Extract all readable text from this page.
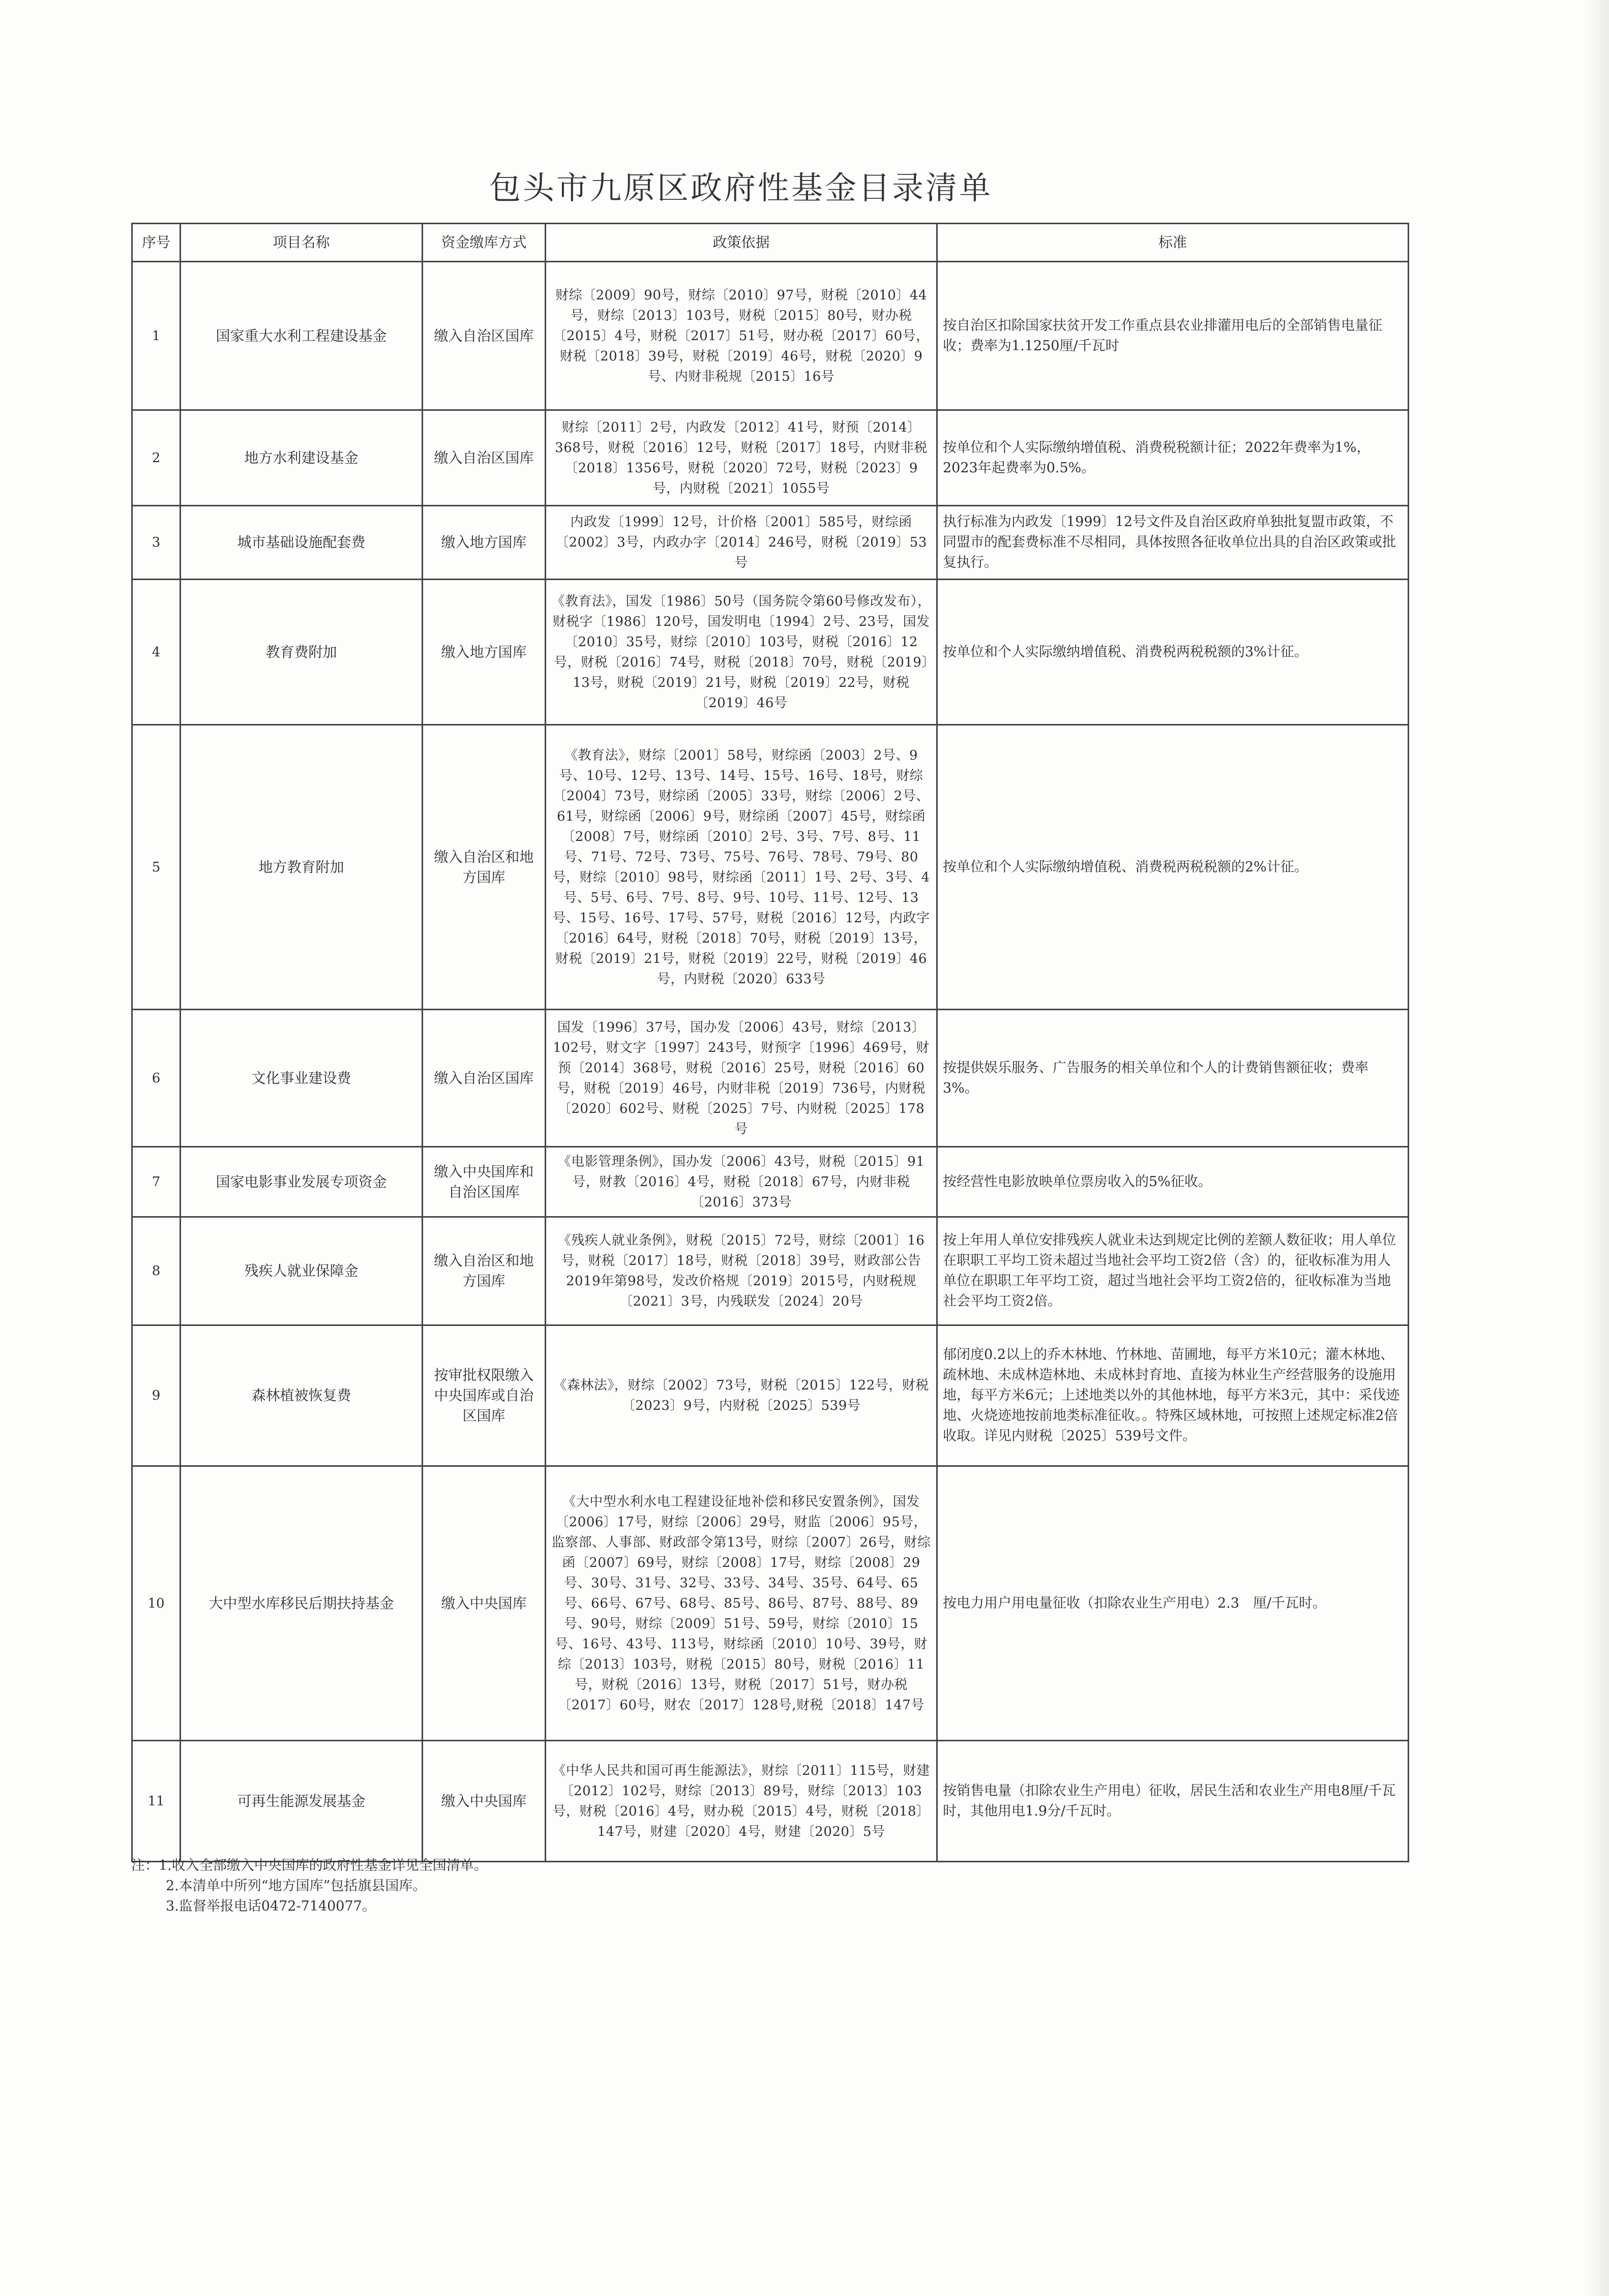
包头市九原区政府性基金目录清单
序号	项目名称	资金缴库方式	政策依据	标准
1	国家重大水利工程建设基金	缴入自治区国库	财综〔2009〕90号，财综〔2010〕97号，财税〔2010〕44号，财综〔2013〕103号，财税〔2015〕80号，财办税〔2015〕4号，财税〔2017〕51号，财办税〔2017〕60号，财税〔2018〕39号，财税〔2019〕46号，财税〔2020〕9号、内财非税规〔2015〕16号	按自治区扣除国家扶贫开发工作重点县农业排灌用电后的全部销售电量征收；费率为1.1250厘/千瓦时
2	地方水利建设基金	缴入自治区国库	财综〔2011〕2号，内政发〔2012〕41号，财预〔2014〕368号，财税〔2016〕12号，财税〔2017〕18号，内财非税〔2018〕1356号，财税〔2020〕72号，财税〔2023〕9号，内财税〔2021〕1055号	按单位和个人实际缴纳增值税、消费税税额计征；2022年费率为1%，2023年起费率为0.5%。
3	城市基础设施配套费	缴入地方国库	内政发〔1999〕12号，计价格〔2001〕585号，财综函〔2002〕3号，内政办字〔2014〕246号，财税〔2019〕53号	执行标准为内政发〔1999〕12号文件及自治区政府单独批复盟市政策，不同盟市的配套费标准不尽相同，具体按照各征收单位出具的自治区政策或批复执行。
4	教育费附加	缴入地方国库	《教育法》，国发〔1986〕50号（国务院令第60号修改发布），财税字〔1986〕120号，国发明电〔1994〕2号、23号，国发〔2010〕35号，财综〔2010〕103号，财税〔2016〕12号，财税〔2016〕74号，财税〔2018〕70号，财税〔2019〕13号，财税〔2019〕21号，财税〔2019〕22号，财税〔2019〕46号	按单位和个人实际缴纳增值税、消费税两税税额的3%计征。
5	地方教育附加	缴入自治区和地方国库	《教育法》，财综〔2001〕58号，财综函〔2003〕2号、9号、10号、12号、13号、14号、15号、16号、18号，财综〔2004〕73号，财综函〔2005〕33号，财综〔2006〕2号、61号，财综函〔2006〕9号，财综函〔2007〕45号，财综函〔2008〕7号，财综函〔2010〕2号、3号、7号、8号、11号、71号、72号、73号、75号、76号、78号、79号、80号，财综〔2010〕98号，财综函〔2011〕1号、2号、3号、4号、5号、6号、7号、8号、9号、10号、11号、12号、13号、15号、16号、17号、57号，财税〔2016〕12号，内政字〔2016〕64号，财税〔2018〕70号，财税〔2019〕13号，财税〔2019〕21号，财税〔2019〕22号，财税〔2019〕46号，内财税〔2020〕633号	按单位和个人实际缴纳增值税、消费税两税税额的2%计征。
6	文化事业建设费	缴入自治区国库	国发〔1996〕37号，国办发〔2006〕43号，财综〔2013〕102号，财文字〔1997〕243号，财预字〔1996〕469号，财预〔2014〕368号，财税〔2016〕25号，财税〔2016〕60号，财税〔2019〕46号，内财非税〔2019〕736号，内财税〔2020〕602号、财税〔2025〕7号、内财税〔2025〕178号	按提供娱乐服务、广告服务的相关单位和个人的计费销售额征收；费率3%。
7	国家电影事业发展专项资金	缴入中央国库和自治区国库	《电影管理条例》，国办发〔2006〕43号，财税〔2015〕91号，财教〔2016〕4号，财税〔2018〕67号，内财非税〔2016〕373号	按经营性电影放映单位票房收入的5%征收。
8	残疾人就业保障金	缴入自治区和地方国库	《残疾人就业条例》，财税〔2015〕72号，财综〔2001〕16号，财税〔2017〕18号，财税〔2018〕39号，财政部公告2019年第98号，发改价格规〔2019〕2015号，内财税规〔2021〕3号，内残联发〔2024〕20号	按上年用人单位安排残疾人就业未达到规定比例的差额人数征收；用人单位在职职工平均工资未超过当地社会平均工资2倍（含）的，征收标准为用人单位在职职工年平均工资，超过当地社会平均工资2倍的，征收标准为当地社会平均工资2倍。
9	森林植被恢复费	按审批权限缴入中央国库或自治区国库	《森林法》，财综〔2002〕73号，财税〔2015〕122号，财税〔2023〕9号，内财税〔2025〕539号	郁闭度0.2以上的乔木林地、竹林地、苗圃地，每平方米10元；灌木林地、疏林地、未成林造林地、未成林封育地、直接为林业生产经营服务的设施用地，每平方米6元；上述地类以外的其他林地，每平方米3元，其中：采伐迹地、火烧迹地按前地类标准征收。。特殊区域林地，可按照上述规定标准2倍收取。详见内财税〔2025〕539号文件。
10	大中型水库移民后期扶持基金	缴入中央国库	《大中型水利水电工程建设征地补偿和移民安置条例》，国发〔2006〕17号，财综〔2006〕29号，财监〔2006〕95号，监察部、人事部、财政部令第13号，财综〔2007〕26号，财综函〔2007〕69号，财综〔2008〕17号，财综〔2008〕29号、30号、31号、32号、33号、34号、35号、64号、65号、66号、67号、68号、85号、86号、87号、88号、89号、90号，财综〔2009〕51号、59号，财综〔2010〕15号、16号、43号、113号，财综函〔2010〕10号、39号，财综〔2013〕103号，财税〔2015〕80号，财税〔2016〕11号，财税〔2016〕13号，财税〔2017〕51号，财办税〔2017〕60号，财农〔2017〕128号,财税〔2018〕147号	按电力用户用电量征收（扣除农业生产用电）2.3　厘/千瓦时。
11	可再生能源发展基金	缴入中央国库	《中华人民共和国可再生能源法》，财综〔2011〕115号，财建〔2012〕102号，财综〔2013〕89号，财综〔2013〕103号，财税〔2016〕4号，财办税〔2015〕4号，财税〔2018〕147号，财建〔2020〕4号，财建〔2020〕5号	按销售电量（扣除农业生产用电）征收，居民生活和农业生产用电8厘/千瓦时，其他用电1.9分/千瓦时。
注：1.收入全部缴入中央国库的政府性基金详见全国清单。
2.本清单中所列“地方国库”包括旗县国库。
3.监督举报电话0472-7140077。
